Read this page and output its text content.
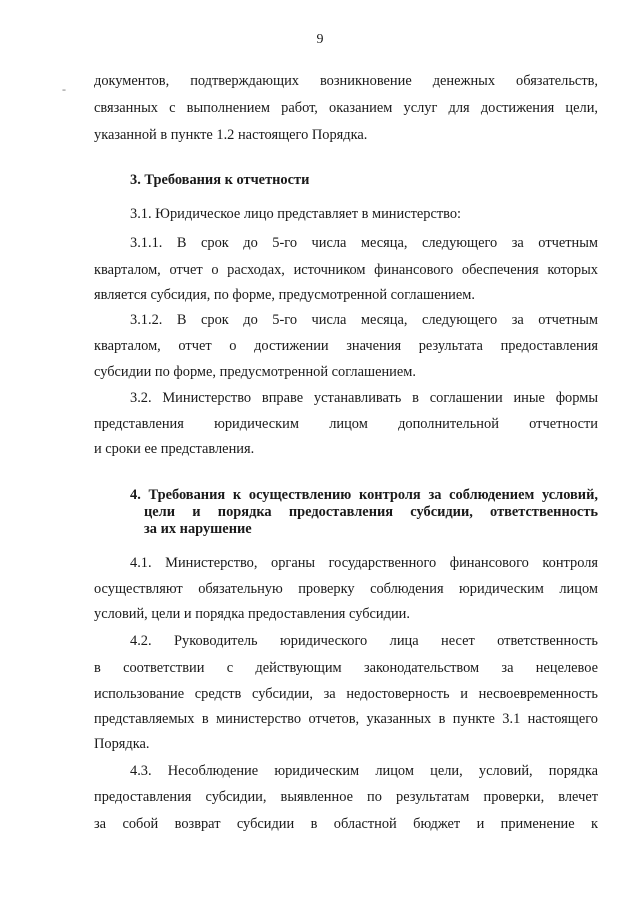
9
- документов, подтверждающих возникновение денежных обязательств,
связанных с выполнением работ, оказанием услуг для достижения цели,
указанной в пункте 1.2 настоящего Порядка.
3. Требования к отчетности
3.1. Юридическое лицо представляет в министерство:
3.1.1. В срок до 5-го числа месяца, следующего за отчетным
кварталом, отчет о расходах, источником финансового обеспечения которых
является субсидия, по форме, предусмотренной соглашением.
3.1.2. В срок до 5-го числа месяца, следующего за отчетным
кварталом, отчет о достижении значения результата предоставления
субсидии по форме, предусмотренной соглашением.
3.2. Министерство вправе устанавливать в соглашении иные формы
представления юридическим лицом дополнительной отчетности
и сроки ее представления.
4. Требования к осуществлению контроля за соблюдением условий,
цели и порядка предоставления субсидии, ответственность
за их нарушение
4.1. Министерство, органы государственного финансового контроля
осуществляют обязательную проверку соблюдения юридическим лицом
условий, цели и порядка предоставления субсидии.
4.2. Руководитель юридического лица несет ответственность
в соответствии с действующим законодательством за нецелевое
использование средств субсидии, за недостоверность и несвоевременность
представляемых в министерство отчетов, указанных в пункте 3.1 настоящего
Порядка.
4.3. Несоблюдение юридическим лицом цели, условий, порядка
предоставления субсидии, выявленное по результатам проверки, влечет
за собой возврат субсидии в областной бюджет и применение к
